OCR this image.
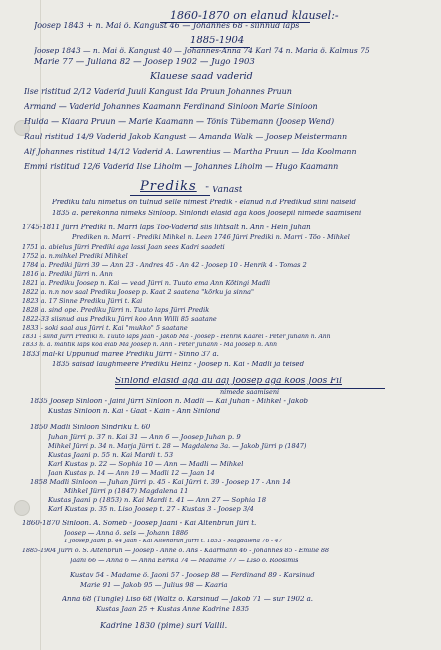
1860-1870 on elanud klausel:-
Joosep 1843 + n. Mai ö. Kangust 46 — Johannes 68 - siinnud laps
1885-1904
Joosep 1843 — n. Mai ö. Kangust 40 — Johannes-Anna 74 Karl 74 n. Maria ö. Kalmus 75
Marie 77 — Juliana 82 — Joosep 1902 — Jugo 1903
Klauese saad vaderid
Ilse ristitud 2/12 Vaderid Juuli Kangust Ida Pruun Johannes Pruun
Armand — Vaderid Johannes Kaamann Ferdinand Sinloon Marie Sinloon
Hulda — Klaara Pruun — Marie Kaamann — Tõnis Tübemann (Joosep Wend)
Raul ristitud 14/9 Vaderid Jakob Kangust — Amanda Walk — Joosep Meistermann
Alf Johannes ristitud 14/12 Vaderid A. Lawrentius — Martha Pruun — Ida Koolmann
Emmi ristitud 12/6 Vaderid Ilse Liholm — Johannes Liholm — Hugo Kaamann
Prediks " Vanast
Prediku talu nimetus on tulnud selle nimest Predik - elanud n.d Predikud siini naiseid
1835 a. perekonna nimeks Sinloop. Sinlondi elasid aga koos Joosepil nimede saamiseni
1745-1811 Jürri Prediki n. Marri laps Tõo-Vaderid siis lihtsalt n. Ann - Hein Juhan
Prediken n. Marri - Prediki Mihkel n. Leen 1746 Jürri Prediki n. Marri - Tõo - Mihkel
1751 a. abielus Jürri Prediki aga lassi Jaan sees Kadri saadeti
1752 a. n.mihkel Prediki Mihkel
1784 a. Prediki Jürri 39 — Ann 23 - Andres 45 - An 42 - Joosep 10 - Henrik 4 - Tomas 2
1816 a. Prediki Jürri n. Ann
1821 a. Prediku Joosep n. Kai — vead Jürri n. Tuuto ema Ann Kõtingi Madli
1822 a. n.n nov saal Prediku Joosep p. Kaat 2 saatena "kõrku ja sinna"
1823 a. 17 Sinne Prediku Jürri t. Kai
1828 a. sind ope. Prediku Jürri n. Tuuto laps Jürri Predik
1822-33 siisnud aus Prediku Jürri koo Ann Willi 85 saatane
1833 - soki saal aus Jürri t. Kai "mukko" 5 saatane
1831 - siind Jürri Prediki n. Tuuto laps Jaan - Jakob Ma - Joosep - Henrik Kaarel - Peter Juhann n. Ann
1833 n. a. mahtik laps koa elab Ma Joosep n. Ann - Peter Juhann - Ma Joosep n. Ann
1833 mal-ki Uppunud maree Prediku Jürri - Sinno 37 a.
1835 saisad laughmeere Prediku Heinz - Joosep n. Kai - Madli ja teised
Sinlond elasid aga au aaj Joosep aga koos Joos Fil
nimede saamiseni
1835 Joosep Sinloon - Jaini Jürri Sinloon n. Madli — Kai Juhan - Mihkel - Jakob
Kustas Sinloon n. Kai - Gaat - Kain - Ann Sinlond
1850 Madli Sinloon Sindriku t. 60
Juhan Jürri p. 37 n. Kai 31 — Ann 6 — Joosep Juhan p. 9
Mihkel Jürri p. 34 n. Marja Jürri t. 28 — Magdalena 3a. — Jakob Jürri p (1847)
Kustas Jaani p. 55 n. Kai Mardi t. 53
Karl Kustas p. 22 — Sophia 10 — Ann — Madli — Mihkel
Jaan Kustas p. 14 — Ann 19 — Madli 12 — Jaan 14
1858 Madli Sinloon — Juhan Jürri p. 45 - Kai Jürri t. 39 - Joosep 17 - Ann 14
Mihkel Jürri p (1847) Magdalena 11
Kustas Jaani p (1853) n. Kai Mardi t. 41 — Ann 27 — Sophia 18
Karl Kustas p. 35 n. Liso Joosep t. 27 - Kustas 3 - Joosep 3/4
1860-1870 Sinloon. A. Sõmeb - Joosep Jaani - Kai Altenbrun Jüri t.
Joosep — Anna ö. sels — Johann 1886
1 Joosep Jaani p. 44 Jaan - Kai Altenbrun Jürri t. 1853 - Magdalena 76 - 47
1885-1904 Jürri ö. S. Altenbrun — Joosep - Anne ö. Ahs - Kaarmann 46 - Johannes 85 - Emilie 88
Jaani 66 — Anna 6 — Anna Eerika 74 — Madame 77 — Liso ö. Roosimis
Kustav 54 - Madame ö. Jaoni 57 - Joosep 88 — Ferdinand 89 - Karsinud
Marie 91 — Jakob 95 — Julius 98 — Kaaria
Anna 68 (Tungle) Liso 68 (Waltz õ. Karsinud — Jakob 71 — sur 1902 a.
Kustas Jaan 25 + Kustas Anne Kadrine 1835
Kadrine 1830 (pime) suri Vallil.
